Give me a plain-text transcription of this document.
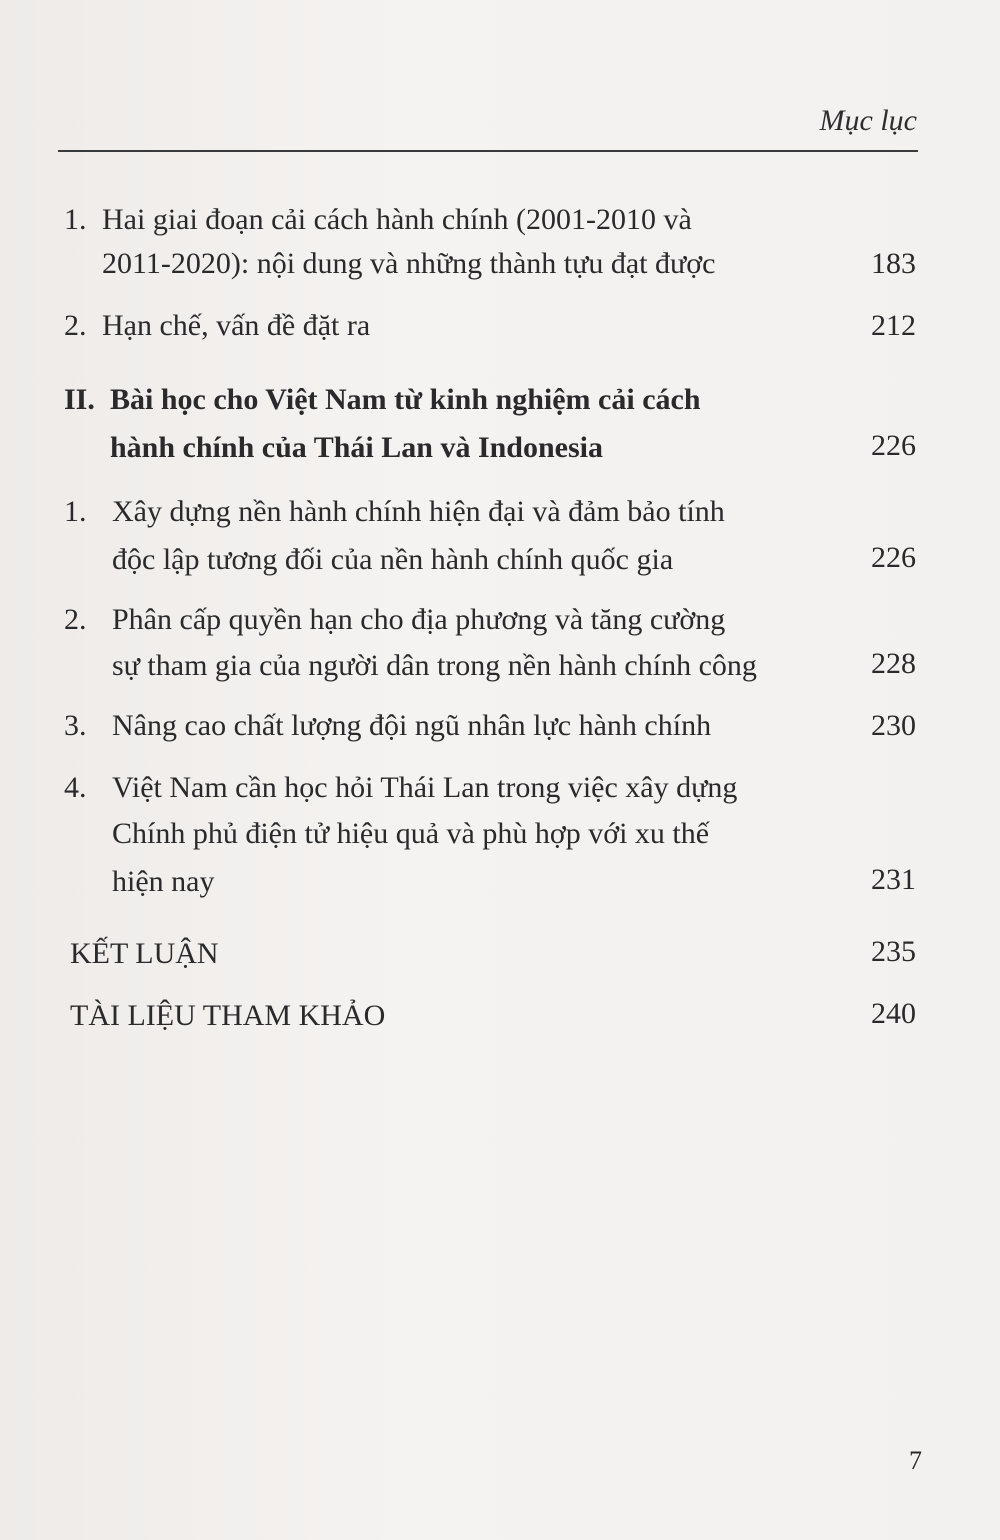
Mục lục
1. Hai giai đoạn cải cách hành chính (2001-2010 và
2011-2020): nội dung và những thành tựu đạt được	183
2. Hạn chế, vấn đề đặt ra	212
II. Bài học cho Việt Nam từ kinh nghiệm cải cách
hành chính của Thái Lan và Indonesia	226
1. Xây dựng nền hành chính hiện đại và đảm bảo tính
độc lập tương đối của nền hành chính quốc gia	226
2. Phân cấp quyền hạn cho địa phương và tăng cường
sự tham gia của người dân trong nền hành chính công	228
3. Nâng cao chất lượng đội ngũ nhân lực hành chính	230
4. Việt Nam cần học hỏi Thái Lan trong việc xây dựng
Chính phủ điện tử hiệu quả và phù hợp với xu thế
hiện nay	231
KẾT LUẬN	235
TÀI LIỆU THAM KHẢO	240
7
